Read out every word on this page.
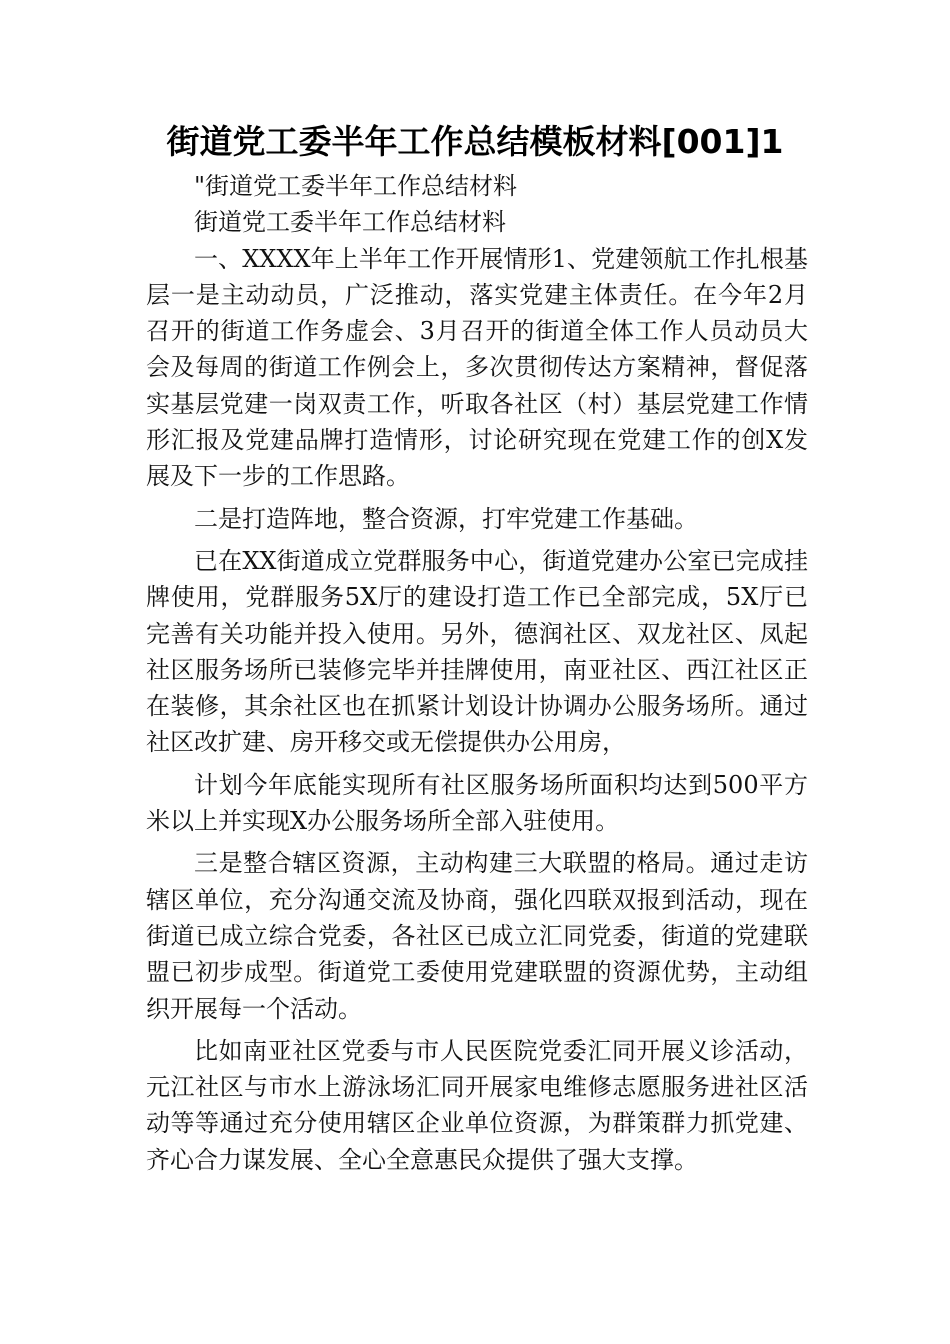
街道党工委半年工作总结模板材料[001]1

"街道党工委半年工作总结材料

街道党工委半年工作总结材料

一、XXXX年上半年工作开展情形1、党建领航工作扎根基层一是主动动员，广泛推动，落实党建主体责任。在今年2月召开的街道工作务虚会、3月召开的街道全体工作人员动员大会及每周的街道工作例会上，多次贯彻传达方案精神，督促落实基层党建一岗双责工作，听取各社区（村）基层党建工作情形汇报及党建品牌打造情形，讨论研究现在党建工作的创X发展及下一步的工作思路。

二是打造阵地，整合资源，打牢党建工作基础。

已在XX街道成立党群服务中心，街道党建办公室已完成挂牌使用，党群服务5X厅的建设打造工作已全部完成，5X厅已完善有关功能并投入使用。另外，德润社区、双龙社区、凤起社区服务场所已装修完毕并挂牌使用，南亚社区、西江社区正在装修，其余社区也在抓紧计划设计协调办公服务场所。通过社区改扩建、房开移交或无偿提供办公用房，

计划今年底能实现所有社区服务场所面积均达到500平方米以上并实现X办公服务场所全部入驻使用。

三是整合辖区资源，主动构建三大联盟的格局。通过走访辖区单位，充分沟通交流及协商，强化四联双报到活动，现在街道已成立综合党委，各社区已成立汇同党委，街道的党建联盟已初步成型。街道党工委使用党建联盟的资源优势，主动组织开展每一个活动。

比如南亚社区党委与市人民医院党委汇同开展义诊活动，元江社区与市水上游泳场汇同开展家电维修志愿服务进社区活动等等通过充分使用辖区企业单位资源，为群策群力抓党建、齐心合力谋发展、全心全意惠民众提供了强大支撑。
